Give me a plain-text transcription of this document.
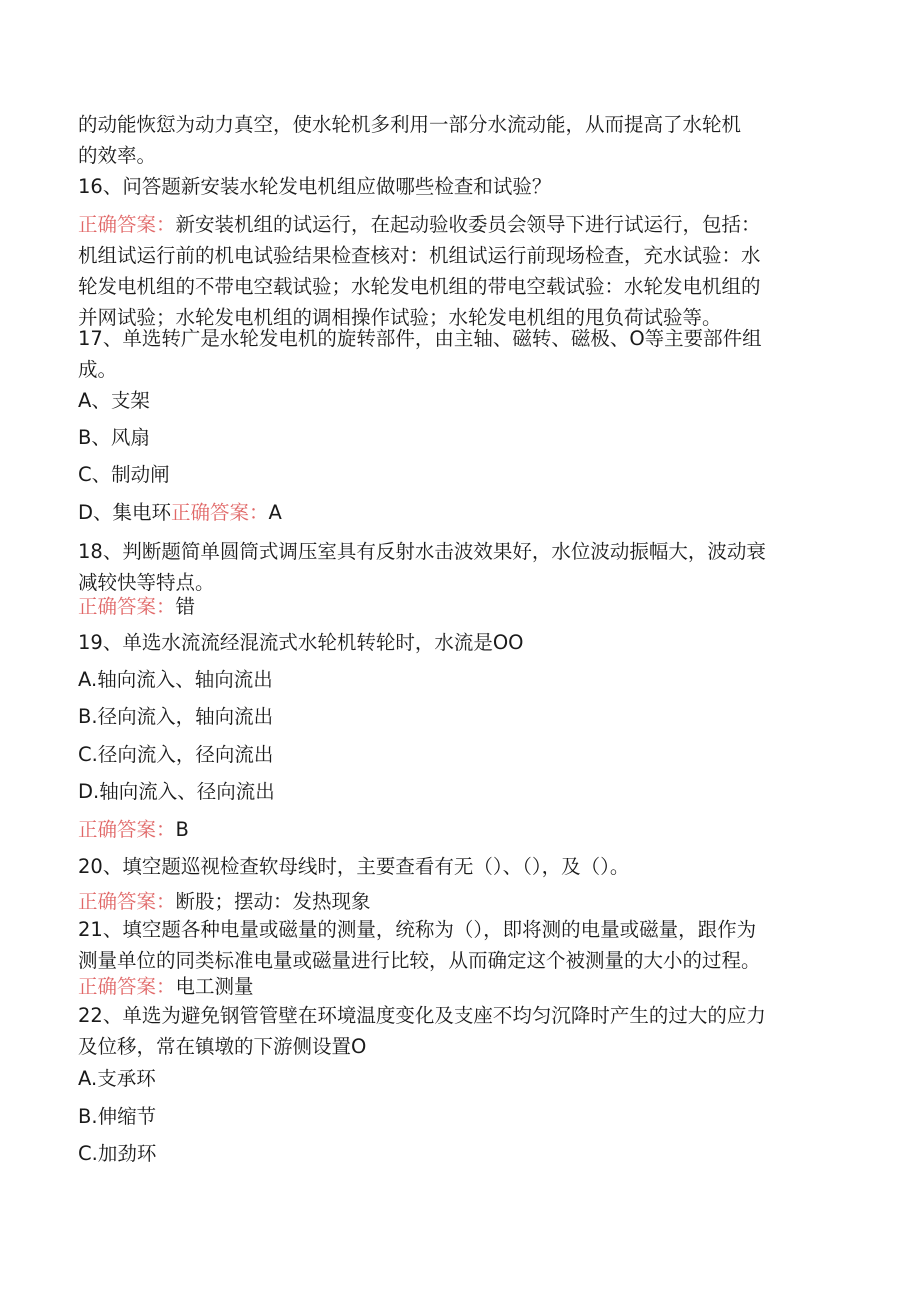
的动能恢愆为动力真空，使水轮机多利用一部分水流动能，从而提高了水轮机
的效率。
16、问答题新安装水轮发电机组应做哪些检查和试验？
正确答案：新安装机组的试运行，在起动验收委员会领导下进行试运行，包括：
机组试运行前的机电试验结果检查核对：机组试运行前现场检查，充水试验：水
轮发电机组的不带电空载试验；水轮发电机组的带电空载试验：水轮发电机组的
并网试验；水轮发电机组的调相操作试验；水轮发电机组的甩负荷试验等。
17、单选转广是水轮发电机的旋转部件，由主轴、磁转、磁极、O等主要部件组
成。
A、支架
B、风扇
C、制动闸
D、集电环正确答案：A
18、判断题简单圆筒式调压室具有反射水击波效果好，水位波动振幅大，波动衰
减较快等特点。
正确答案：错
19、单选水流流经混流式水轮机转轮时，水流是OO
A.轴向流入、轴向流出
B.径向流入，轴向流出
C.径向流入，径向流出
D.轴向流入、径向流出
正确答案：B
20、填空题巡视检查软母线时，主要查看有无（）、（），及（）。
正确答案：断股；摆动：发热现象
21、填空题各种电量或磁量的测量，统称为（），即将测的电量或磁量，跟作为
测量单位的同类标准电量或磁量进行比较，从而确定这个被测量的大小的过程。
正确答案：电工测量
22、单选为避免钢管管壁在环境温度变化及支座不均匀沉降时产生的过大的应力
及位移，常在镇墩的下游侧设置O
A.支承环
B.伸缩节
C.加劲环
